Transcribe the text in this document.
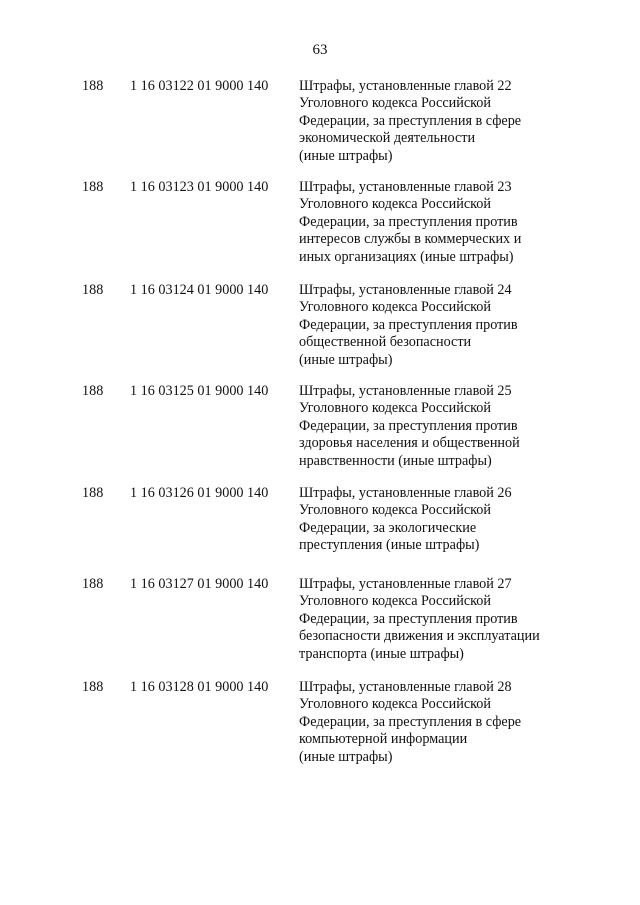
63
188 1 16 03122 01 9000 140 Штрафы, установленные главой 22
Уголовного кодекса Российской
Федерации, за преступления в сфере
экономической деятельности
(иные штрафы)
188 1 16 03123 01 9000 140 Штрафы, установленные главой 23
Уголовного кодекса Российской
Федерации, за преступления против
интересов службы в коммерческих и
иных организациях (иные штрафы)
188 1 16 03124 01 9000 140 Штрафы, установленные главой 24
Уголовного кодекса Российской
Федерации, за преступления против
общественной безопасности
(иные штрафы)
188 1 16 03125 01 9000 140 Штрафы, установленные главой 25
Уголовного кодекса Российской
Федерации, за преступления против
здоровья населения и общественной
нравственности (иные штрафы)
188 1 16 03126 01 9000 140 Штрафы, установленные главой 26
Уголовного кодекса Российской
Федерации, за экологические
преступления (иные штрафы)
188 1 16 03127 01 9000 140 Штрафы, установленные главой 27
Уголовного кодекса Российской
Федерации, за преступления против
безопасности движения и эксплуатации
транспорта (иные штрафы)
188 1 16 03128 01 9000 140 Штрафы, установленные главой 28
Уголовного кодекса Российской
Федерации, за преступления в сфере
компьютерной информации
(иные штрафы)
